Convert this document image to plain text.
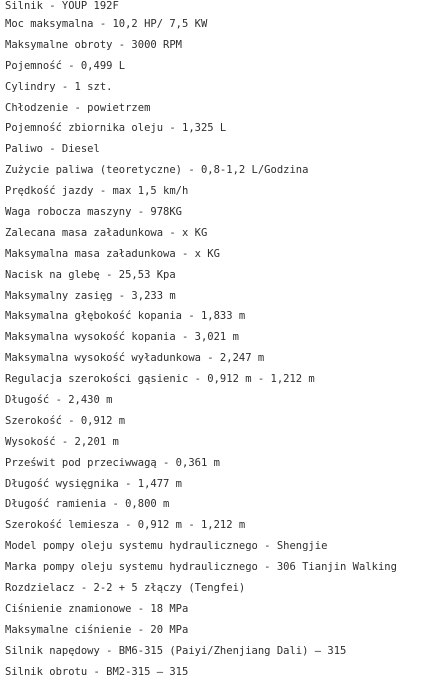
Silnik - YOUP 192F
Moc maksymalna - 10,2 HP/ 7,5 KW
Maksymalne obroty - 3000 RPM
Pojemność - 0,499 L
Cylindry - 1 szt.
Chłodzenie - powietrzem
Pojemność zbiornika oleju - 1,325 L
Paliwo - Diesel
Zużycie paliwa (teoretyczne) - 0,8-1,2 L/Godzina
Prędkość jazdy - max 1,5 km/h
Waga robocza maszyny - 978KG
Zalecana masa załadunkowa - x KG
Maksymalna masa załadunkowa - x KG
Nacisk na glebę - 25,53 Kpa
Maksymalny zasięg - 3,233 m
Maksymalna głębokość kopania - 1,833 m
Maksymalna wysokość kopania - 3,021 m
Maksymalna wysokość wyładunkowa - 2,247 m
Regulacja szerokości gąsienic - 0,912 m - 1,212 m
Długość - 2,430 m
Szerokość - 0,912 m
Wysokość - 2,201 m
Prześwit pod przeciwwagą - 0,361 m
Długość wysięgnika - 1,477 m
Długość ramienia - 0,800 m
Szerokość lemiesza - 0,912 m - 1,212 m
Model pompy oleju systemu hydraulicznego - Shengjie
Marka pompy oleju systemu hydraulicznego - 306 Tianjin Walking
Rozdzielacz - 2-2 + 5 złączy (Tengfei)
Ciśnienie znamionowe - 18 MPa
Maksymalne ciśnienie - 20 MPa
Silnik napędowy - BM6-315 (Paiyi/Zhenjiang Dali) – 315
Silnik obrotu - BM2-315 – 315
